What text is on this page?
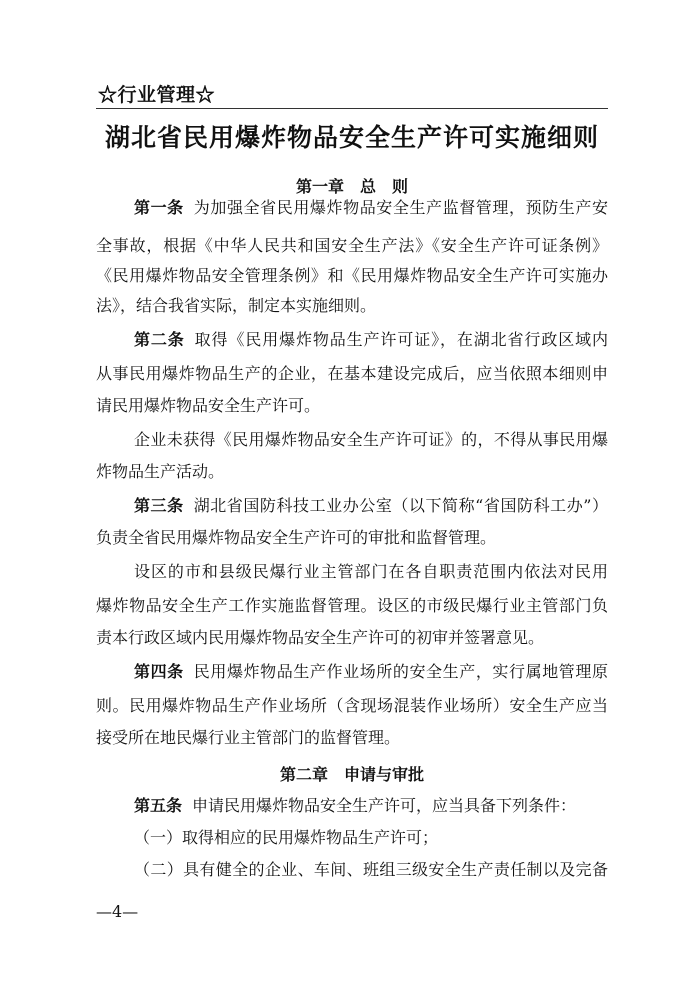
☆行业管理☆
湖北省民用爆炸物品安全生产许可实施细则
第一章　总　则
第一条 为加强全省民用爆炸物品安全生产监督管理，预防生产安
全事故，根据《中华人民共和国安全生产法》《安全生产许可证条例》
《民用爆炸物品安全管理条例》和《民用爆炸物品安全生产许可实施办
法》，结合我省实际，制定本实施细则。
第二条 取得《民用爆炸物品生产许可证》，在湖北省行政区域内
从事民用爆炸物品生产的企业，在基本建设完成后，应当依照本细则申
请民用爆炸物品安全生产许可。
企业未获得《民用爆炸物品安全生产许可证》的，不得从事民用爆
炸物品生产活动。
第三条 湖北省国防科技工业办公室（以下简称“省国防科工办”）
负责全省民用爆炸物品安全生产许可的审批和监督管理。
设区的市和县级民爆行业主管部门在各自职责范围内依法对民用
爆炸物品安全生产工作实施监督管理。设区的市级民爆行业主管部门负
责本行政区域内民用爆炸物品安全生产许可的初审并签署意见。
第四条 民用爆炸物品生产作业场所的安全生产，实行属地管理原
则。民用爆炸物品生产作业场所（含现场混装作业场所）安全生产应当
接受所在地民爆行业主管部门的监督管理。
第二章　申请与审批
第五条 申请民用爆炸物品安全生产许可，应当具备下列条件：
（一）取得相应的民用爆炸物品生产许可；
（二）具有健全的企业、车间、班组三级安全生产责任制以及完备
—4—
